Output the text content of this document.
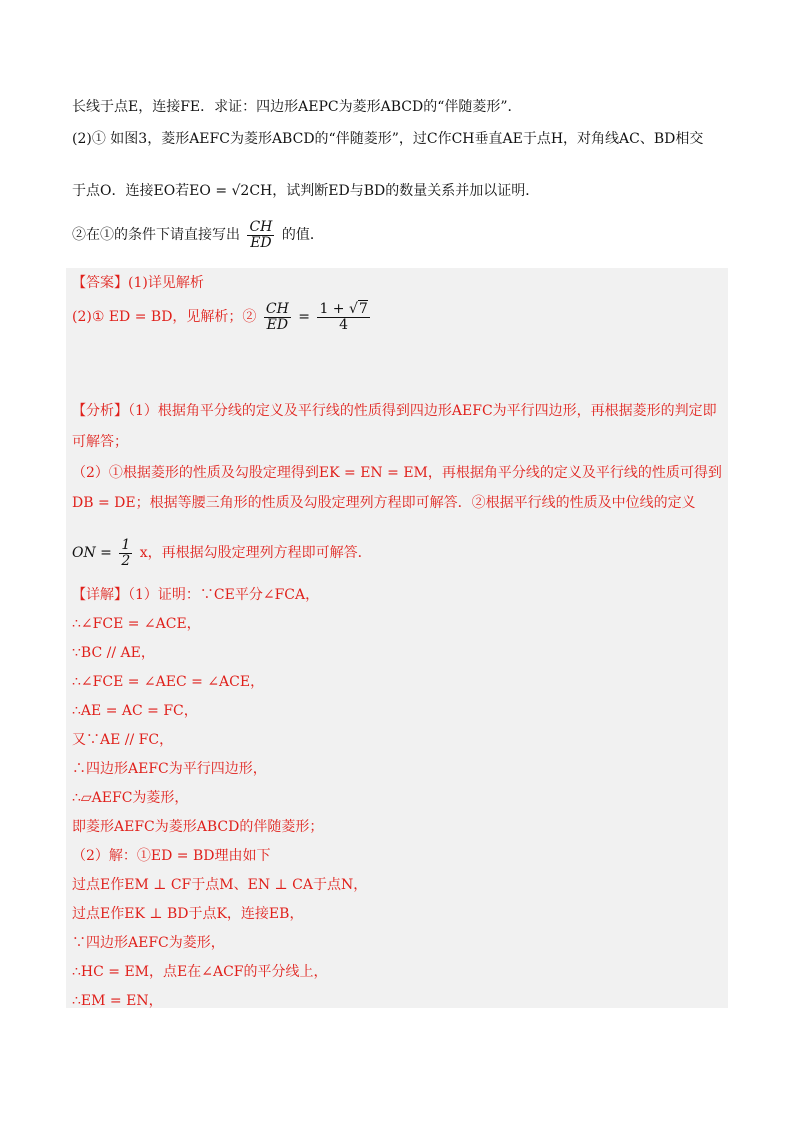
长线于点E，连接FE．求证：四边形AEPC为菱形ABCD的“伴随菱形”．
(2)① 如图3，菱形AEFC为菱形ABCD的“伴随菱形”，过C作CH垂直AE于点H，对角线AC、BD相交
于点O．连接EO若EO = √2CH，试判断ED与BD的数量关系并加以证明．
②在①的条件下请直接写出 $\frac{CH}{ED}$ 的值．
【答案】(1)详见解析
(2)① ED = BD，见解析；② $\frac{CH}{ED} = \frac{1 + √7}{4}$
【分析】（1）根据角平分线的定义及平行线的性质得到四边形AEFC为平行四边形，再根据菱形的判定即
可解答；
（2）①根据菱形的性质及勾股定理得到EK = EN = EM，再根据角平分线的定义及平行线的性质可得到
DB = DE；根据等腰三角形的性质及勾股定理列方程即可解答．②根据平行线的性质及中位线的定义
ON = $\frac{1}{2}$ x，再根据勾股定理列方程即可解答．
【详解】（1）证明：∵CE平分∠FCA，
∴∠FCE = ∠ACE，
∵BC // AE，
∴∠FCE = ∠AEC = ∠ACE，
∴AE = AC = FC，
又∵AE // FC，
∴四边形AEFC为平行四边形，
∴▱AEFC为菱形，
即菱形AEFC为菱形ABCD的伴随菱形；
（2）解：①ED = BD理由如下
过点E作EM ⊥ CF于点M、EN ⊥ CA于点N，
过点E作EK ⊥ BD于点K，连接EB，
∵四边形AEFC为菱形，
∴HC = EM，点E在∠ACF的平分线上，
∴EM = EN，
